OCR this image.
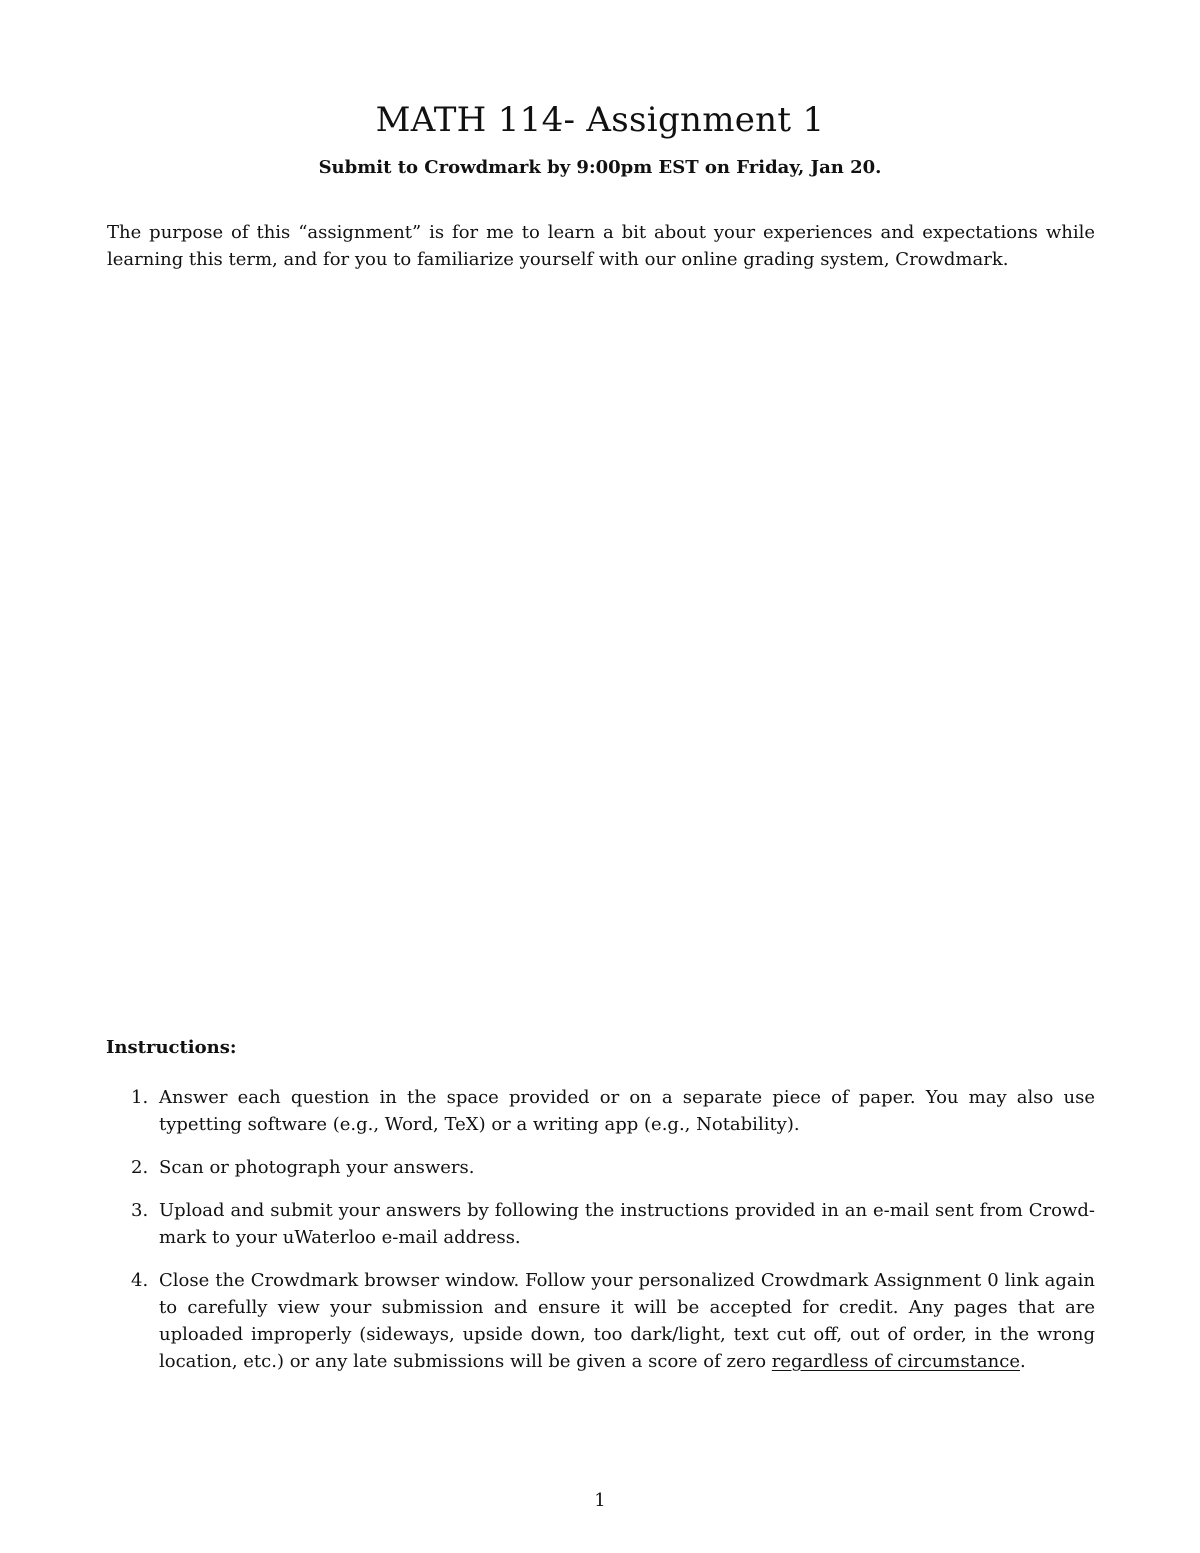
MATH 114- Assignment 1

Submit to Crowdmark by 9:00pm EST on Friday, Jan 20.

The purpose of this “assignment” is for me to learn a bit about your experiences and expectations while learning this term, and for you to familiarize yourself with our online grading system, Crowdmark.

Instructions:

1. Answer each question in the space provided or on a separate piece of paper. You may also use typetting software (e.g., Word, TeX) or a writing app (e.g., Notability).
2. Scan or photograph your answers.
3. Upload and submit your answers by following the instructions provided in an e-mail sent from Crowd-mark to your uWaterloo e-mail address.
4. Close the Crowdmark browser window. Follow your personalized Crowdmark Assignment 0 link again to carefully view your submission and ensure it will be accepted for credit. Any pages that are uploaded improperly (sideways, upside down, too dark/light, text cut off, out of order, in the wrong location, etc.) or any late submissions will be given a score of zero regardless of circumstance.

1
